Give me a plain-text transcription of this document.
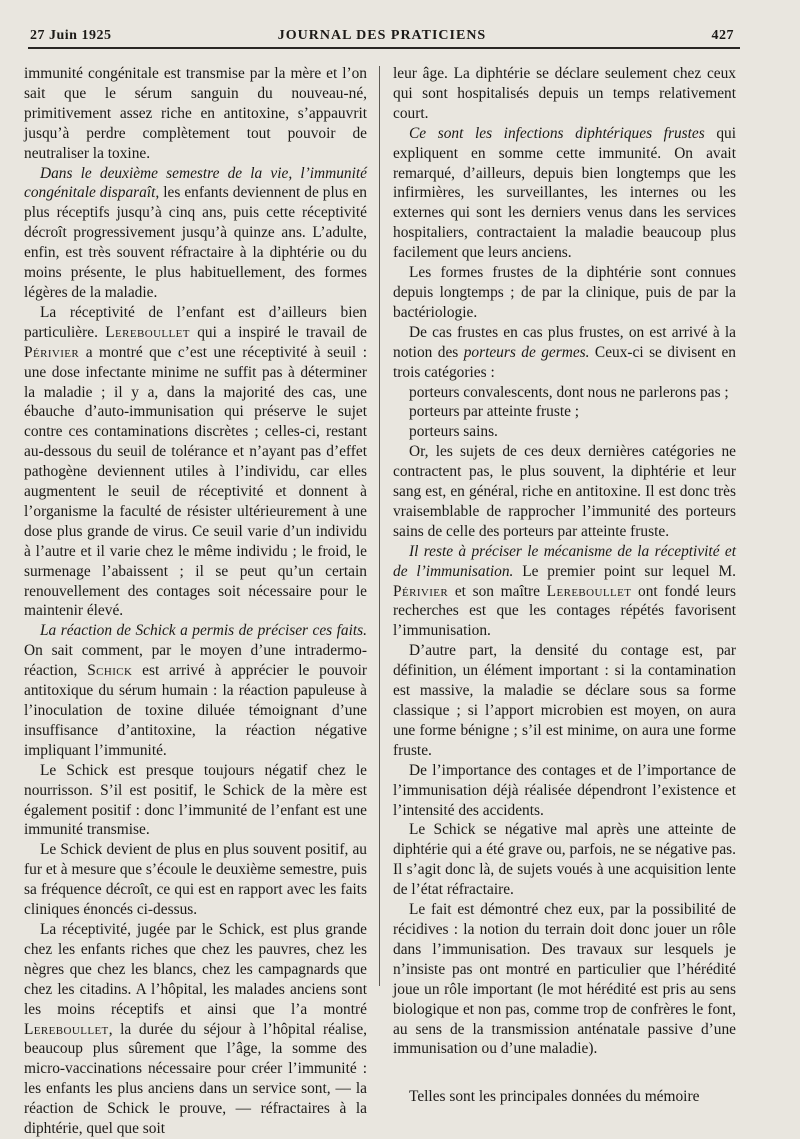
27 Juin 1925	JOURNAL DES PRATICIENS	427

immunité congénitale est transmise par la mère et l’on sait que le sérum sanguin du nouveau-né, primitivement assez riche en antitoxine, s’appauvrit jusqu’à perdre complètement tout pouvoir de neutraliser la toxine.

Dans le deuxième semestre de la vie, l’immunité congénitale disparaît, les enfants deviennent de plus en plus réceptifs jusqu’à cinq ans, puis cette réceptivité décroît progressivement jusqu’à quinze ans. L’adulte, enfin, est très souvent réfractaire à la diphtérie ou du moins présente, le plus habituellement, des formes légères de la maladie.

La réceptivité de l’enfant est d’ailleurs bien particulière. Lereboullet qui a inspiré le travail de Périvier a montré que c’est une réceptivité à seuil : une dose infectante minime ne suffit pas à déterminer la maladie ; il y a, dans la majorité des cas, une ébauche d’auto-immunisation qui préserve le sujet contre ces contaminations discrètes ; celles-ci, restant au-dessous du seuil de tolérance et n’ayant pas d’effet pathogène deviennent utiles à l’individu, car elles augmentent le seuil de réceptivité et donnent à l’organisme la faculté de résister ultérieurement à une dose plus grande de virus. Ce seuil varie d’un individu à l’autre et il varie chez le même individu ; le froid, le surmenage l’abaissent ; il se peut qu’un certain renouvellement des contages soit nécessaire pour le maintenir élevé.

La réaction de Schick a permis de préciser ces faits. On sait comment, par le moyen d’une intradermo-réaction, Schick est arrivé à apprécier le pouvoir antitoxique du sérum humain : la réaction papuleuse à l’inoculation de toxine diluée témoignant d’une insuffisance d’antitoxine, la réaction négative impliquant l’immunité.

Le Schick est presque toujours négatif chez le nourrisson. S’il est positif, le Schick de la mère est également positif : donc l’immunité de l’enfant est une immunité transmise.

Le Schick devient de plus en plus souvent positif, au fur et à mesure que s’écoule le deuxième semestre, puis sa fréquence décroît, ce qui est en rapport avec les faits cliniques énoncés ci-dessus.

La réceptivité, jugée par le Schick, est plus grande chez les enfants riches que chez les pauvres, chez les nègres que chez les blancs, chez les campagnards que chez les citadins. A l’hôpital, les malades anciens sont les moins réceptifs et ainsi que l’a montré Lereboullet, la durée du séjour à l’hôpital réalise, beaucoup plus sûrement que l’âge, la somme des micro-vaccinations nécessaire pour créer l’immunité : les enfants les plus anciens dans un service sont, — la réaction de Schick le prouve, — réfractaires à la diphtérie, quel que soit

leur âge. La diphtérie se déclare seulement chez ceux qui sont hospitalisés depuis un temps relativement court.

Ce sont les infections diphtériques frustes qui expliquent en somme cette immunité. On avait remarqué, d’ailleurs, depuis bien longtemps que les infirmières, les surveillantes, les internes ou les externes qui sont les derniers venus dans les services hospitaliers, contractaient la maladie beaucoup plus facilement que leurs anciens.

Les formes frustes de la diphtérie sont connues depuis longtemps ; de par la clinique, puis de par la bactériologie.

De cas frustes en cas plus frustes, on est arrivé à la notion des porteurs de germes. Ceux-ci se divisent en trois catégories :

porteurs convalescents, dont nous ne parlerons pas ;

porteurs par atteinte fruste ;

porteurs sains.

Or, les sujets de ces deux dernières catégories ne contractent pas, le plus souvent, la diphtérie et leur sang est, en général, riche en antitoxine. Il est donc très vraisemblable de rapprocher l’immunité des porteurs sains de celle des porteurs par atteinte fruste.

Il reste à préciser le mécanisme de la réceptivité et de l’immunisation. Le premier point sur lequel M. Périvier et son maître Lereboullet ont fondé leurs recherches est que les contages répétés favorisent l’immunisation.

D’autre part, la densité du contage est, par définition, un élément important : si la contamination est massive, la maladie se déclare sous sa forme classique ; si l’apport microbien est moyen, on aura une forme bénigne ; s’il est minime, on aura une forme fruste.

De l’importance des contages et de l’importance de l’immunisation déjà réalisée dépendront l’existence et l’intensité des accidents.

Le Schick se négative mal après une atteinte de diphtérie qui a été grave ou, parfois, ne se négative pas. Il s’agit donc là, de sujets voués à une acquisition lente de l’état réfractaire.

Le fait est démontré chez eux, par la possibilité de récidives : la notion du terrain doit donc jouer un rôle dans l’immunisation. Des travaux sur lesquels je n’insiste pas ont montré en particulier que l’hérédité joue un rôle important (le mot hérédité est pris au sens biologique et non pas, comme trop de confrères le font, au sens de la transmission anténatale passive d’une immunisation ou d’une maladie).

Telles sont les principales données du mémoire
